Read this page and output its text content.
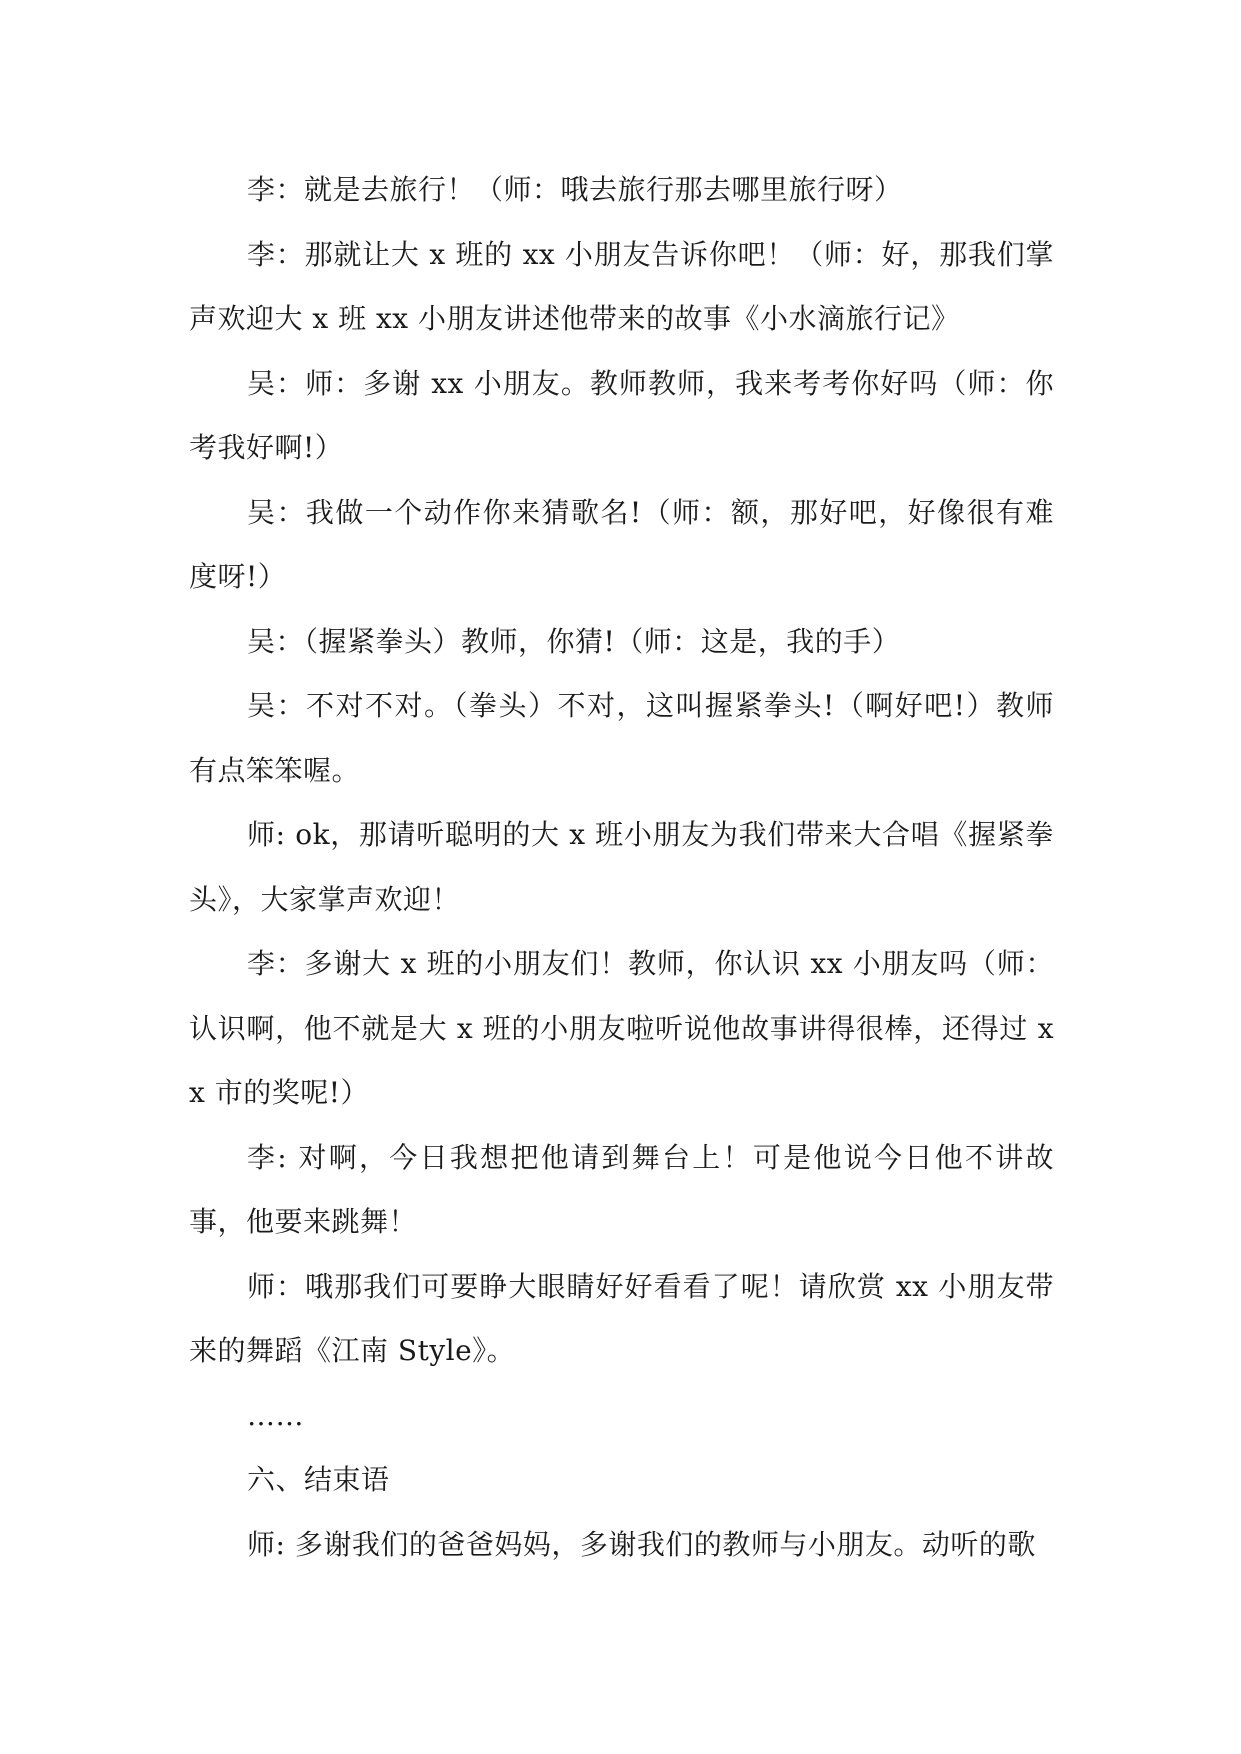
李：就是去旅行！（师：哦去旅行那去哪里旅行呀）

李：那就让大 x 班的 xx 小朋友告诉你吧！（师：好，那我们掌声欢迎大 x 班 xx 小朋友讲述他带来的故事《小水滴旅行记》

吴：师：多谢 xx 小朋友。教师教师，我来考考你好吗（师：你考我好啊!）

吴：我做一个动作你来猜歌名!（师：额，那好吧，好像很有难度呀!）

吴：（握紧拳头）教师，你猜!（师：这是，我的手）

吴：不对不对。（拳头）不对，这叫握紧拳头!（啊好吧!）教师有点笨笨喔。

师: ok，那请听聪明的大 x 班小朋友为我们带来大合唱《握紧拳头》，大家掌声欢迎！

李：多谢大 x 班的小朋友们！教师，你认识 xx 小朋友吗（师：认识啊，他不就是大 x 班的小朋友啦听说他故事讲得很棒，还得过 xx 市的奖呢!）

李: 对啊，今日我想把他请到舞台上！可是他说今日他不讲故事，他要来跳舞！

师：哦那我们可要睁大眼睛好好看看了呢！请欣赏 xx 小朋友带来的舞蹈《江南 Style》。

……

六、结束语

师: 多谢我们的爸爸妈妈，多谢我们的教师与小朋友。动听的歌
